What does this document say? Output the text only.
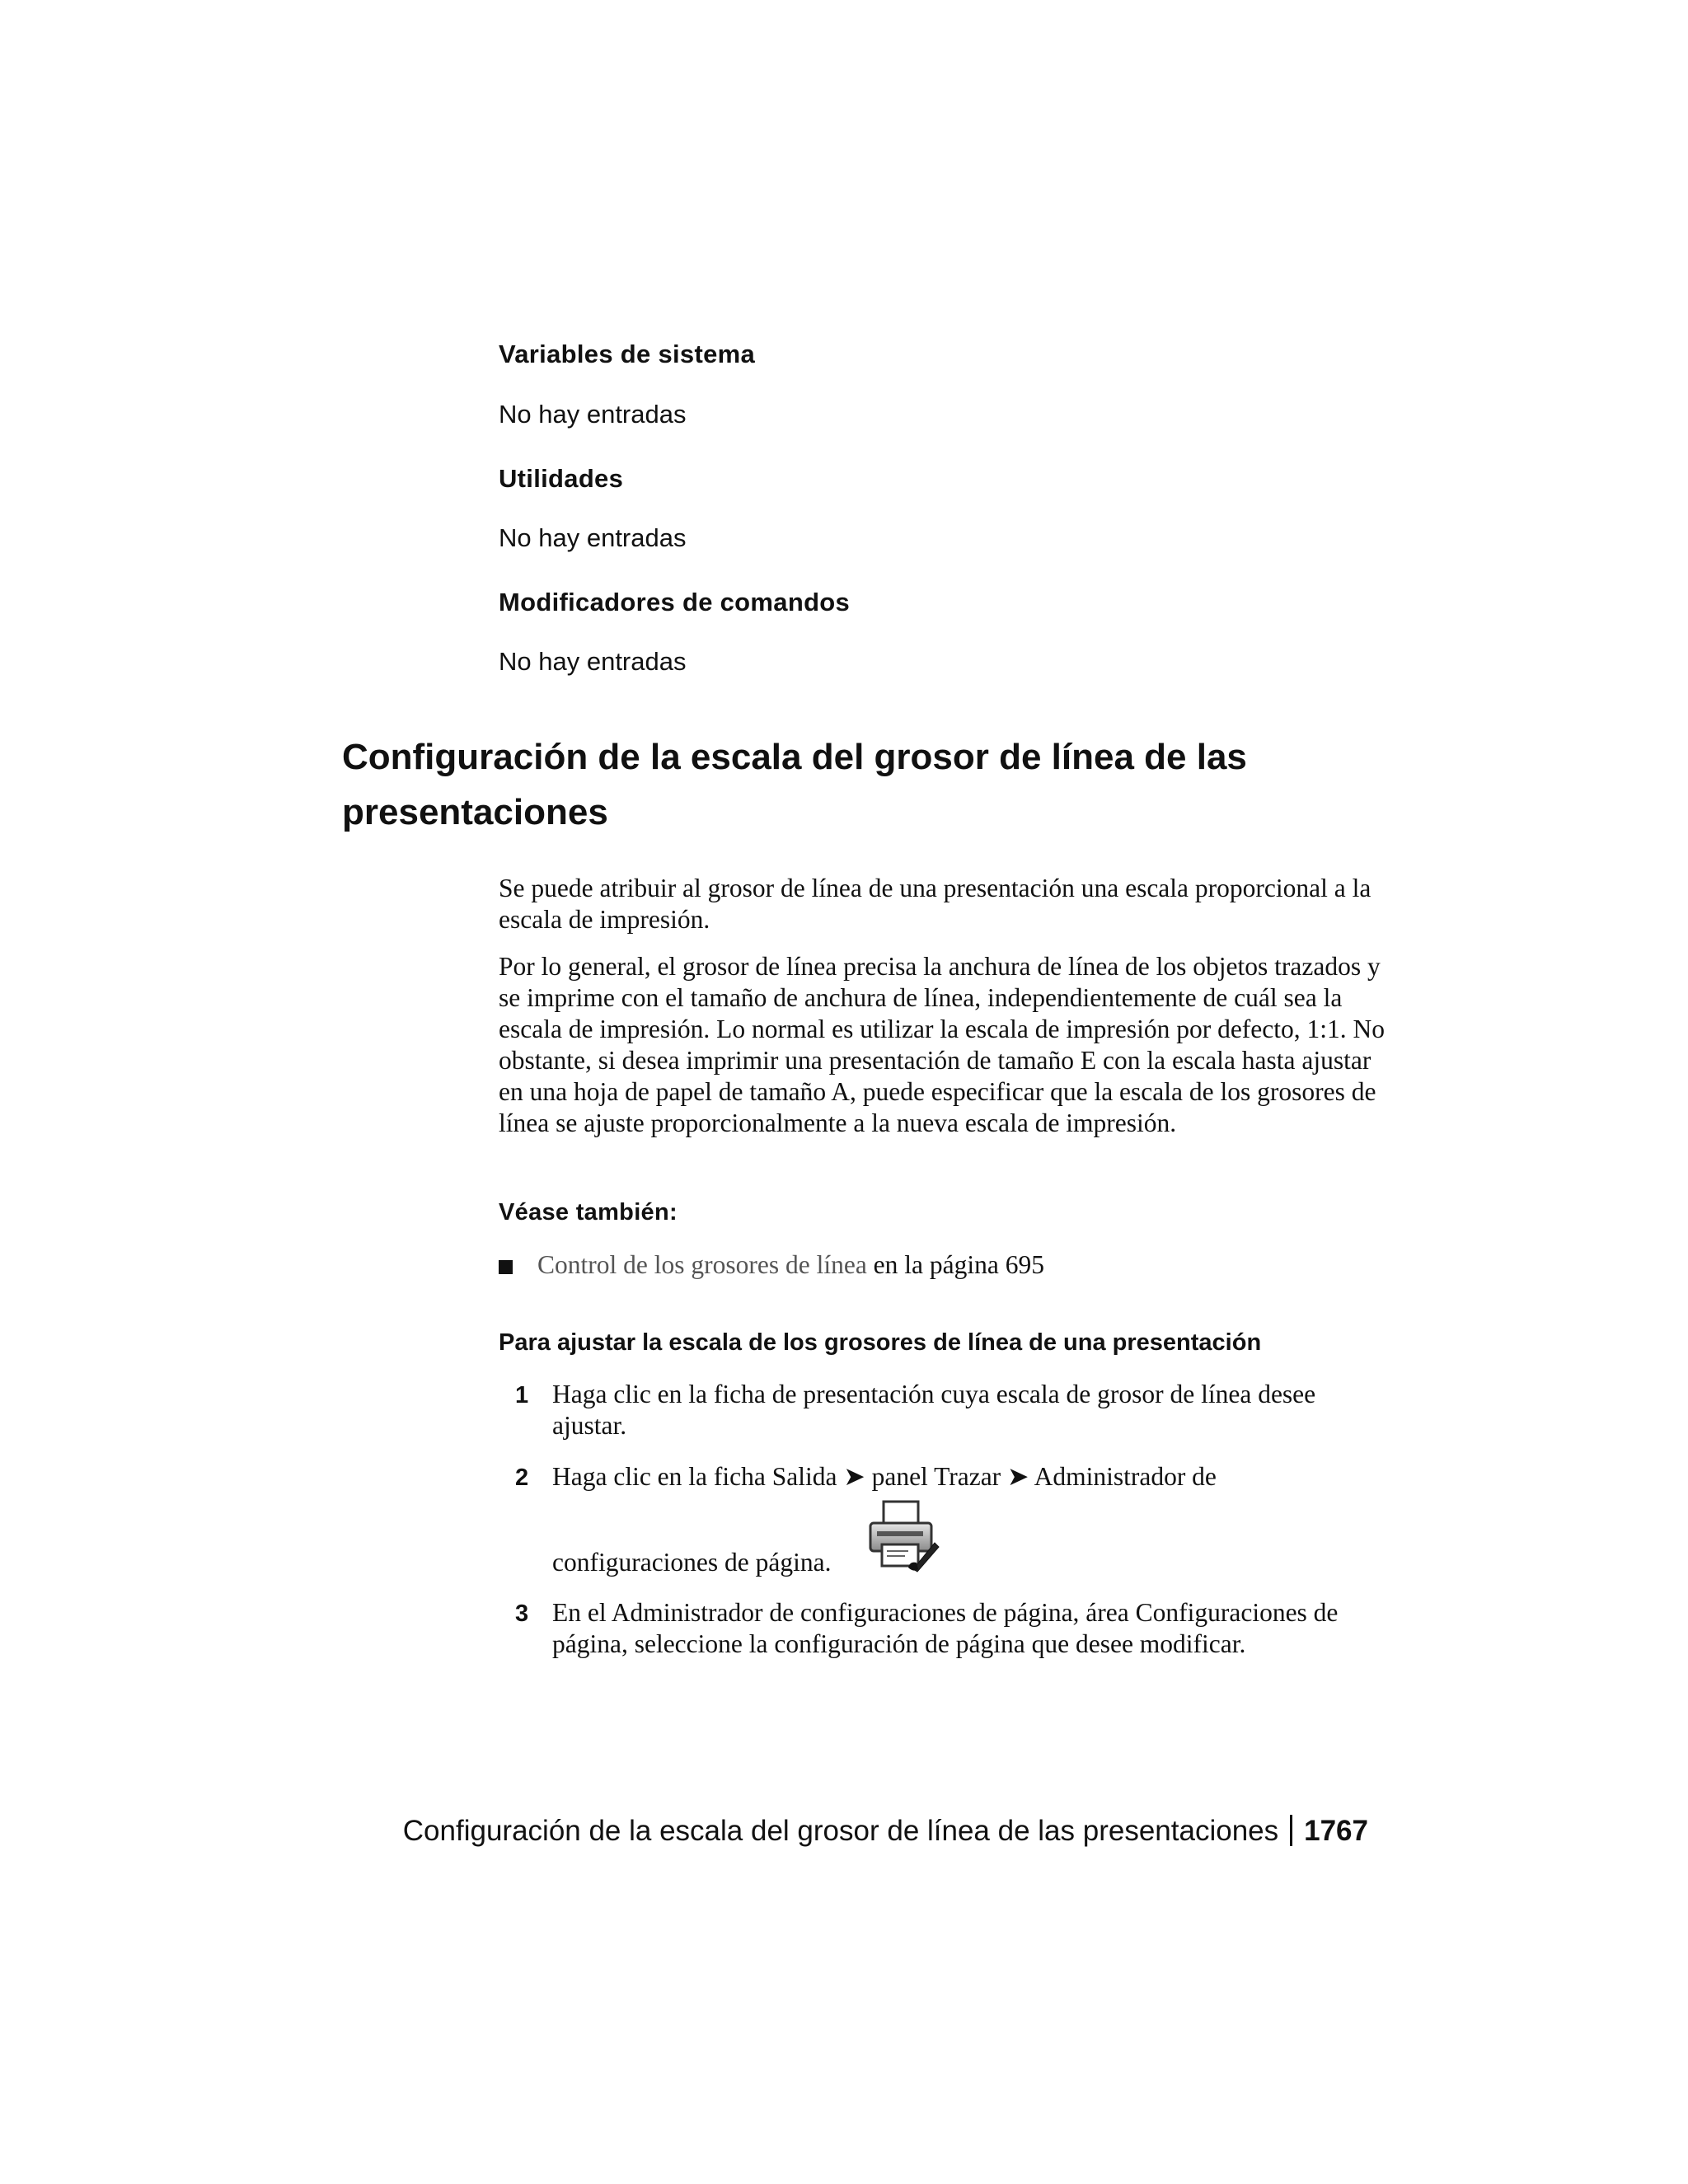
Variables de sistema
No hay entradas
Utilidades
No hay entradas
Modificadores de comandos
No hay entradas
Configuración de la escala del grosor de línea de las
presentaciones

Se puede atribuir al grosor de línea de una presentación una escala proporcional a la escala de impresión.

Por lo general, el grosor de línea precisa la anchura de línea de los objetos trazados y se imprime con el tamaño de anchura de línea, independientemente de cuál sea la escala de impresión. Lo normal es utilizar la escala de impresión por defecto, 1:1. No obstante, si desea imprimir una presentación de tamaño E con la escala hasta ajustar en una hoja de papel de tamaño A, puede especificar que la escala de los grosores de línea se ajuste proporcionalmente a la nueva escala de impresión.

Véase también:
Control de los grosores de línea en la página 695
Para ajustar la escala de los grosores de línea de una presentación
1 Haga clic en la ficha de presentación cuya escala de grosor de línea desee ajustar.
2 Haga clic en la ficha Salida ➤ panel Trazar ➤ Administrador de
configuraciones de página.
3 En el Administrador de configuraciones de página, área Configuraciones de página, seleccione la configuración de página que desee modificar.
Configuración de la escala del grosor de línea de las presentaciones 1767
